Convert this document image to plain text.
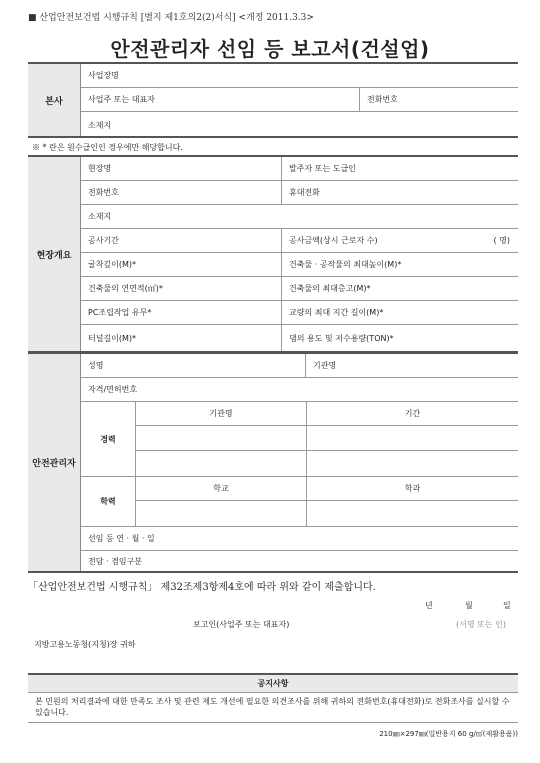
■ 산업안전보건법 시행규칙 [별지 제1호의2(2)서식] <개정 2011.3.3>
안전관리자 선임 등 보고서(건설업)
본사
사업장명
사업주 또는 대표자	전화번호
소재지
※ * 란은 원수급인인 경우에만 해당합니다.
현장개요
현장명	발주자 또는 도급인
전화번호	휴대전화
소재지
공사기간	공사금액(상시 근로자 수)	( 명)
굴착깊이(M)*	건축물 · 공작물의 최대높이(M)*
건축물의 연면적(㎡)*	건축물의 최대층고(M)*
PC조립작업 유무*	교량의 최대 지간 길이(M)*
터널길이(M)*	댐의 용도 및 저수용량(TON)*
안전관리자
성명	기관명
자격/면허번호
경력
기관명	기간
학력
학교	학과
선임 등 연 · 월 · 일
전담 · 겸임구분
「산업안전보건법 시행규칙」 제32조제3항제4호에 따라 위와 같이 제출합니다.
년	월	일
보고인(사업주 또는 대표자)	(서명 또는 인)
지방고용노동청(지청)장 귀하
공지사항
본 민원의 처리결과에 대한 만족도 조사 및 관련 제도 개선에 필요한 의견조사를 위해 귀하의 전화번호(휴대전화)로 전화조사를 실시할 수 있습니다.
210㎜×297㎜(일반용지 60 g/㎡(재활용품))
